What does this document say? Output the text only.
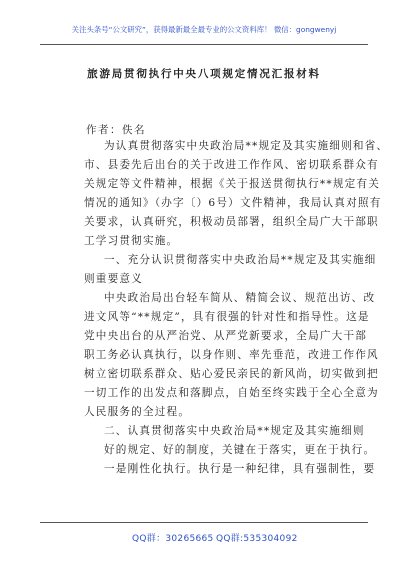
关注头条号“公文研究”，获得最新最全最专业的公文资料库！ 微信：gongwenyj
旅游局贯彻执行中央八项规定情况汇报材料
作者：佚名
为认真贯彻落实中央政治局**规定及其实施细则和省、
市、县委先后出台的关于改进工作作风、密切联系群众有
关规定等文件精神，根据《关于报送贯彻执行**规定有关
情况的通知》（办字〔）6号）文件精神，我局认真对照有
关要求，认真研究，积极动员部署，组织全局广大干部职
工学习贯彻实施。
一、充分认识贯彻落实中央政治局**规定及其实施细
则重要意义
中央政治局出台轻车简从、精简会议、规范出访、改
进文风等“**规定”，具有很强的针对性和指导性。这是
党中央出台的从严治党、从严党新要求，全局广大干部
职工务必认真执行，以身作则、率先垂范，改进工作作风
树立密切联系群众、贴心爱民亲民的新风尚，切实做到把
一切工作的出发点和落脚点，自始至终实践于全心全意为
人民服务的全过程。
二、认真贯彻落实中央政治局**规定及其实施细则
好的规定、好的制度，关键在于落实，更在于执行。
一是刚性化执行。执行是一种纪律，具有强制性，要
QQ群：30265665 QQ群:535304092
